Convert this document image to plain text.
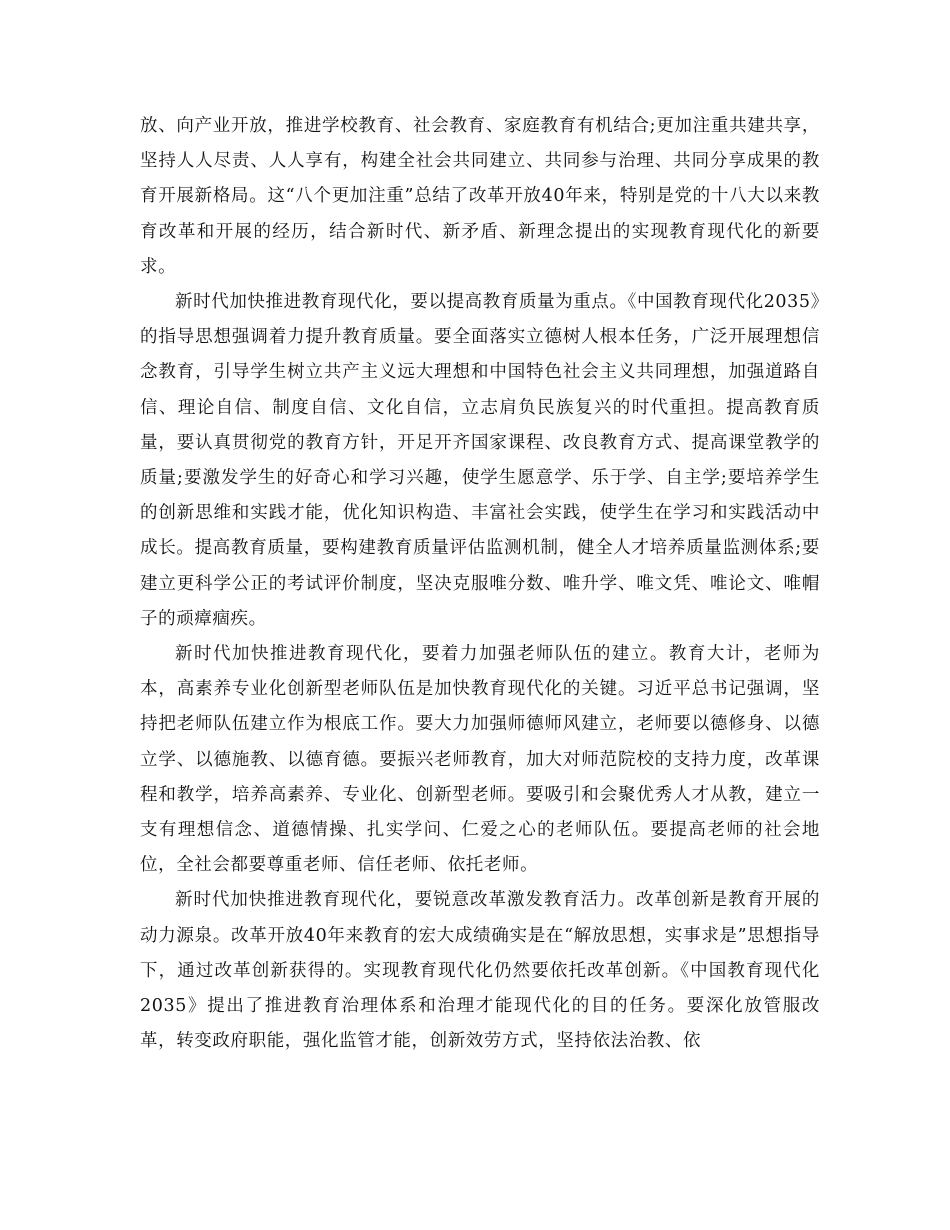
放、向产业开放，推进学校教育、社会教育、家庭教育有机结合;更加注重共建共享，坚持人人尽责、人人享有，构建全社会共同建立、共同参与治理、共同分享成果的教育开展新格局。这“八个更加注重”总结了改革开放40年来，特别是党的十八大以来教育改革和开展的经历，结合新时代、新矛盾、新理念提出的实现教育现代化的新要求。

新时代加快推进教育现代化，要以提高教育质量为重点。《中国教育现代化2035》的指导思想强调着力提升教育质量。要全面落实立德树人根本任务，广泛开展理想信念教育，引导学生树立共产主义远大理想和中国特色社会主义共同理想，加强道路自信、理论自信、制度自信、文化自信，立志肩负民族复兴的时代重担。提高教育质量，要认真贯彻党的教育方针，开足开齐国家课程、改良教育方式、提高课堂教学的质量;要激发学生的好奇心和学习兴趣，使学生愿意学、乐于学、自主学;要培养学生的创新思维和实践才能，优化知识构造、丰富社会实践，使学生在学习和实践活动中成长。提高教育质量，要构建教育质量评估监测机制，健全人才培养质量监测体系;要建立更科学公正的考试评价制度，坚决克服唯分数、唯升学、唯文凭、唯论文、唯帽子的顽瘴痼疾。

新时代加快推进教育现代化，要着力加强老师队伍的建立。教育大计，老师为本，高素养专业化创新型老师队伍是加快教育现代化的关键。习近平总书记强调，坚持把老师队伍建立作为根底工作。要大力加强师德师风建立，老师要以德修身、以德立学、以德施教、以德育德。要振兴老师教育，加大对师范院校的支持力度，改革课程和教学，培养高素养、专业化、创新型老师。要吸引和会聚优秀人才从教，建立一支有理想信念、道德情操、扎实学问、仁爱之心的老师队伍。要提高老师的社会地位，全社会都要尊重老师、信任老师、依托老师。

新时代加快推进教育现代化，要锐意改革激发教育活力。改革创新是教育开展的动力源泉。改革开放40年来教育的宏大成绩确实是在“解放思想，实事求是”思想指导下，通过改革创新获得的。实现教育现代化仍然要依托改革创新。《中国教育现代化2035》提出了推进教育治理体系和治理才能现代化的目的任务。要深化放管服改革，转变政府职能，强化监管才能，创新效劳方式，坚持依法治教、依
